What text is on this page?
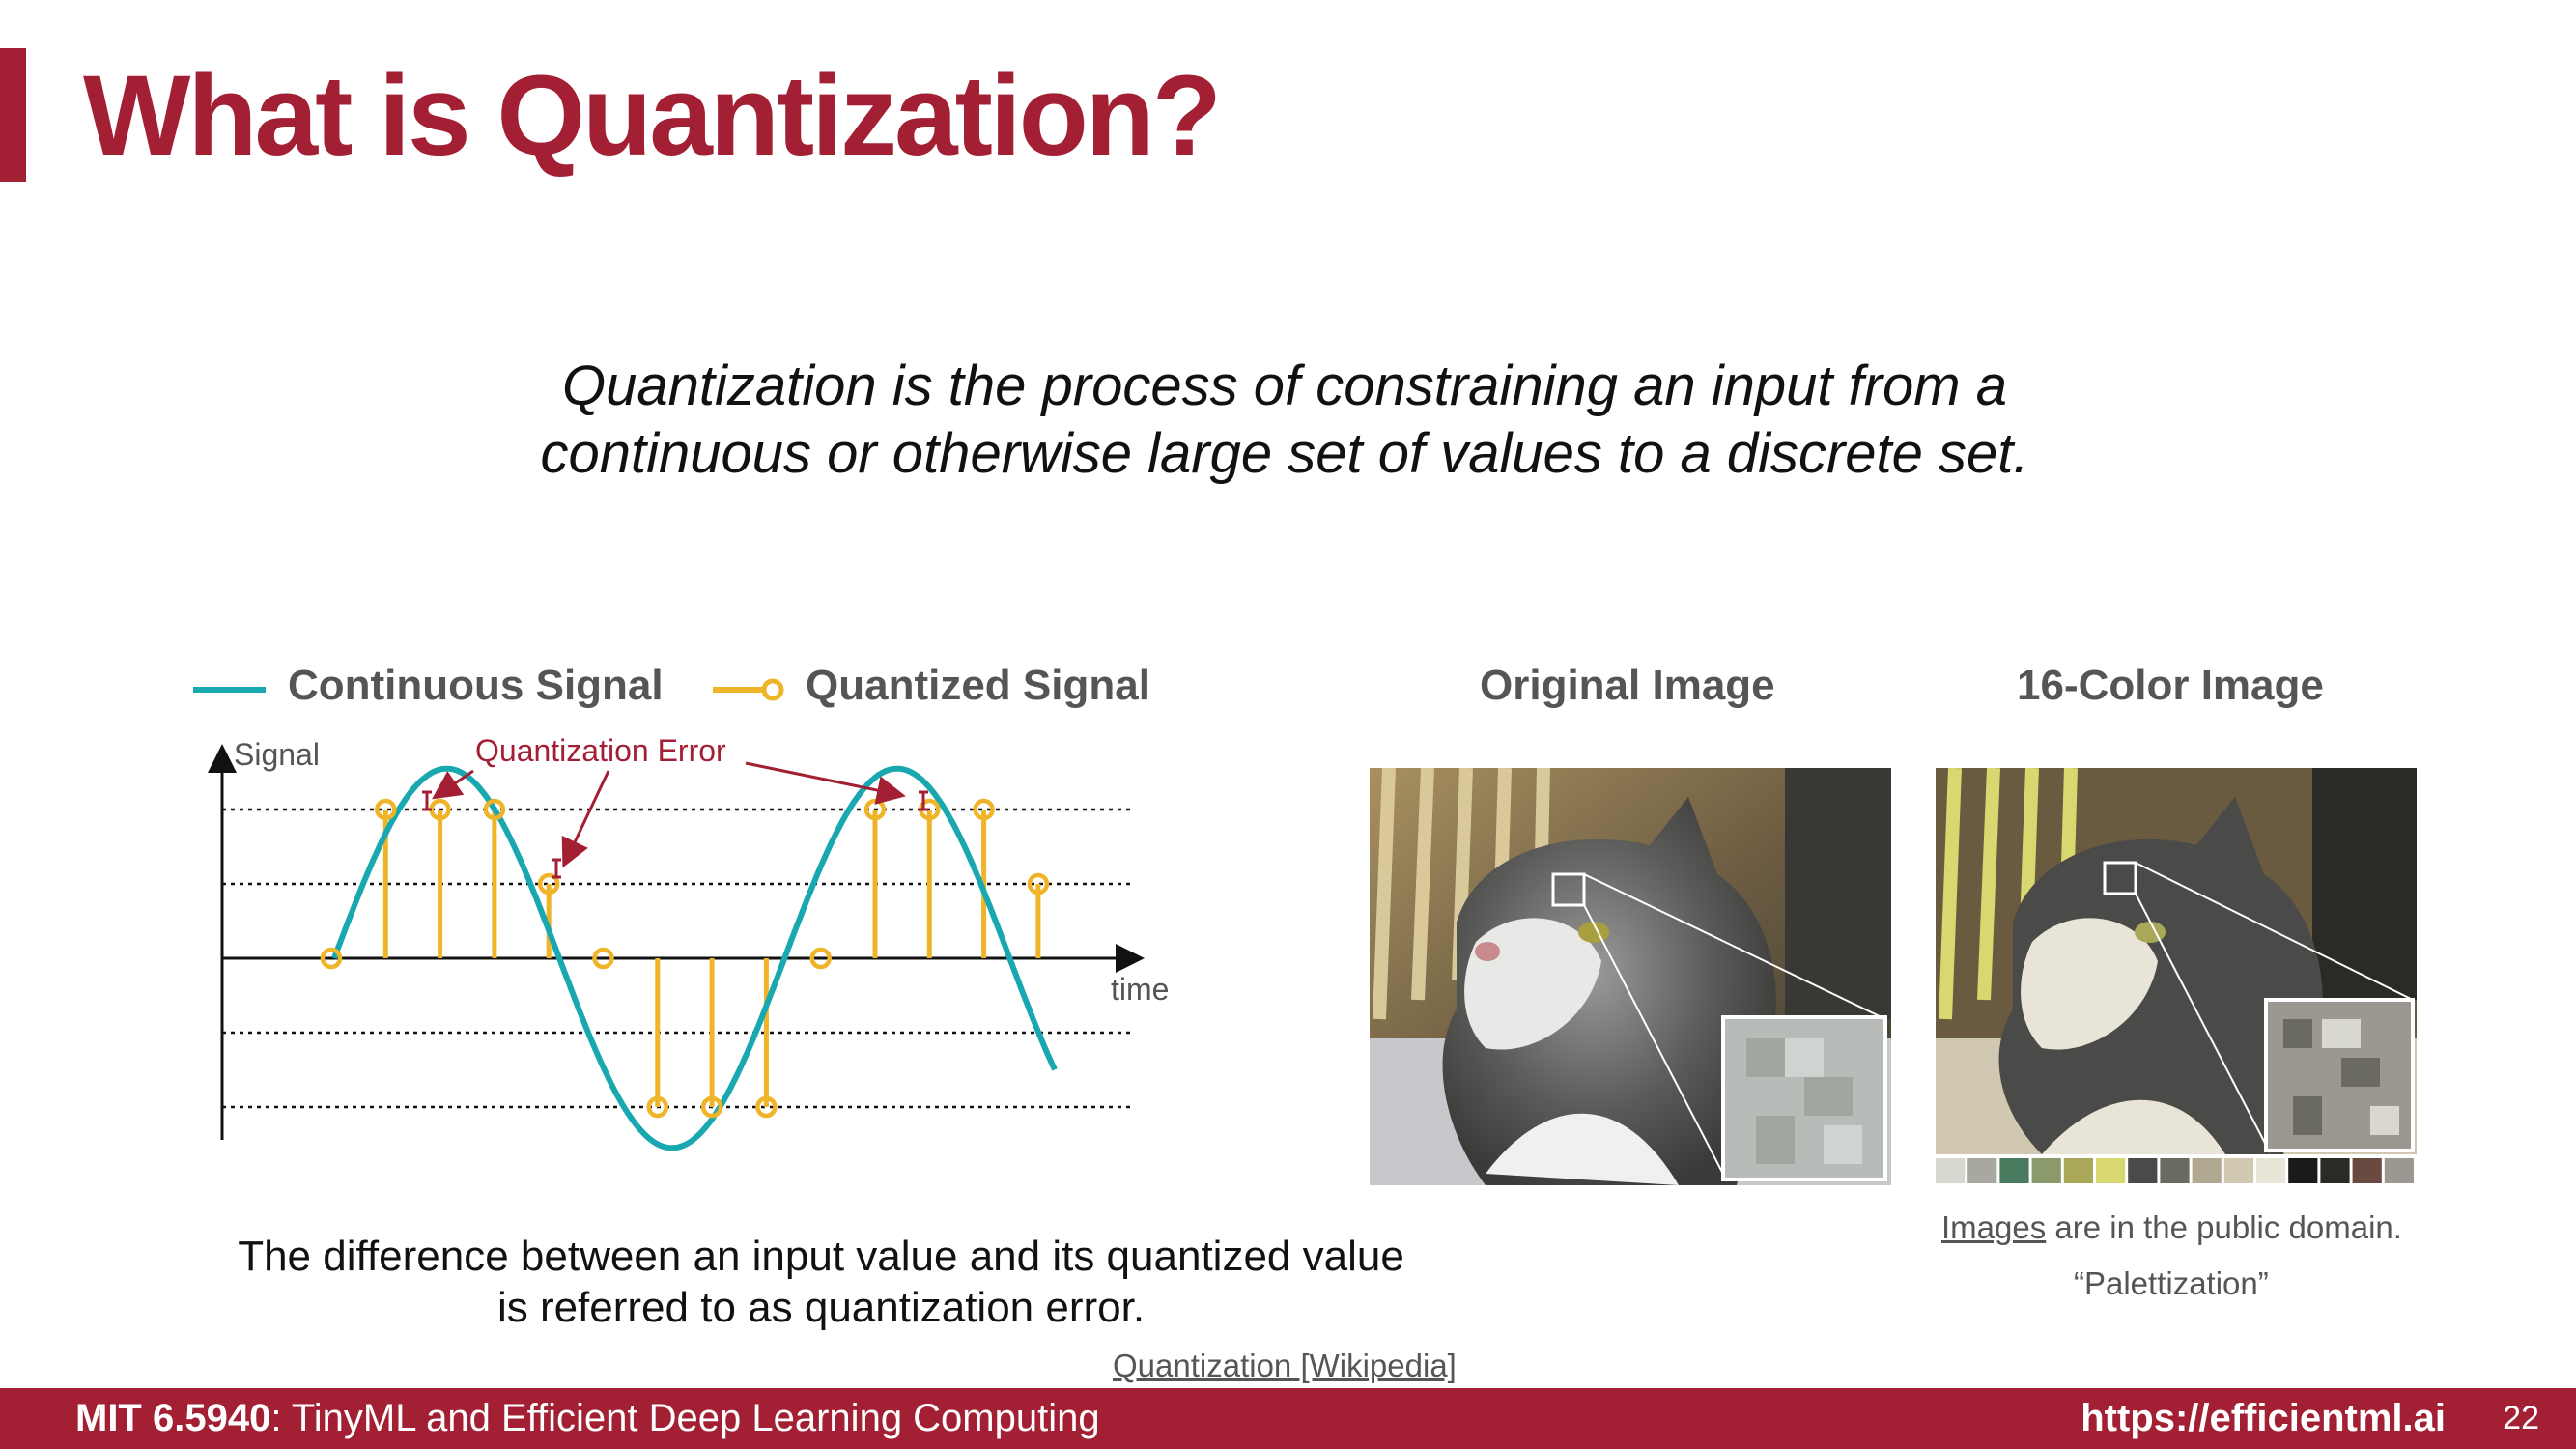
What is Quantization?
Quantization is the process of constraining an input from a
continuous or otherwise large set of values to a discrete set.
Continuous Signal	Quantized Signal
Signal
time
Quantization Error
Original Image	16-Color Image
Images are in the public domain.
“Palettization”
The difference between an input value and its quantized value
is referred to as quantization error.
Quantization [Wikipedia]
MIT 6.5940: TinyML and Efficient Deep Learning Computing	https://efficientml.ai 22
